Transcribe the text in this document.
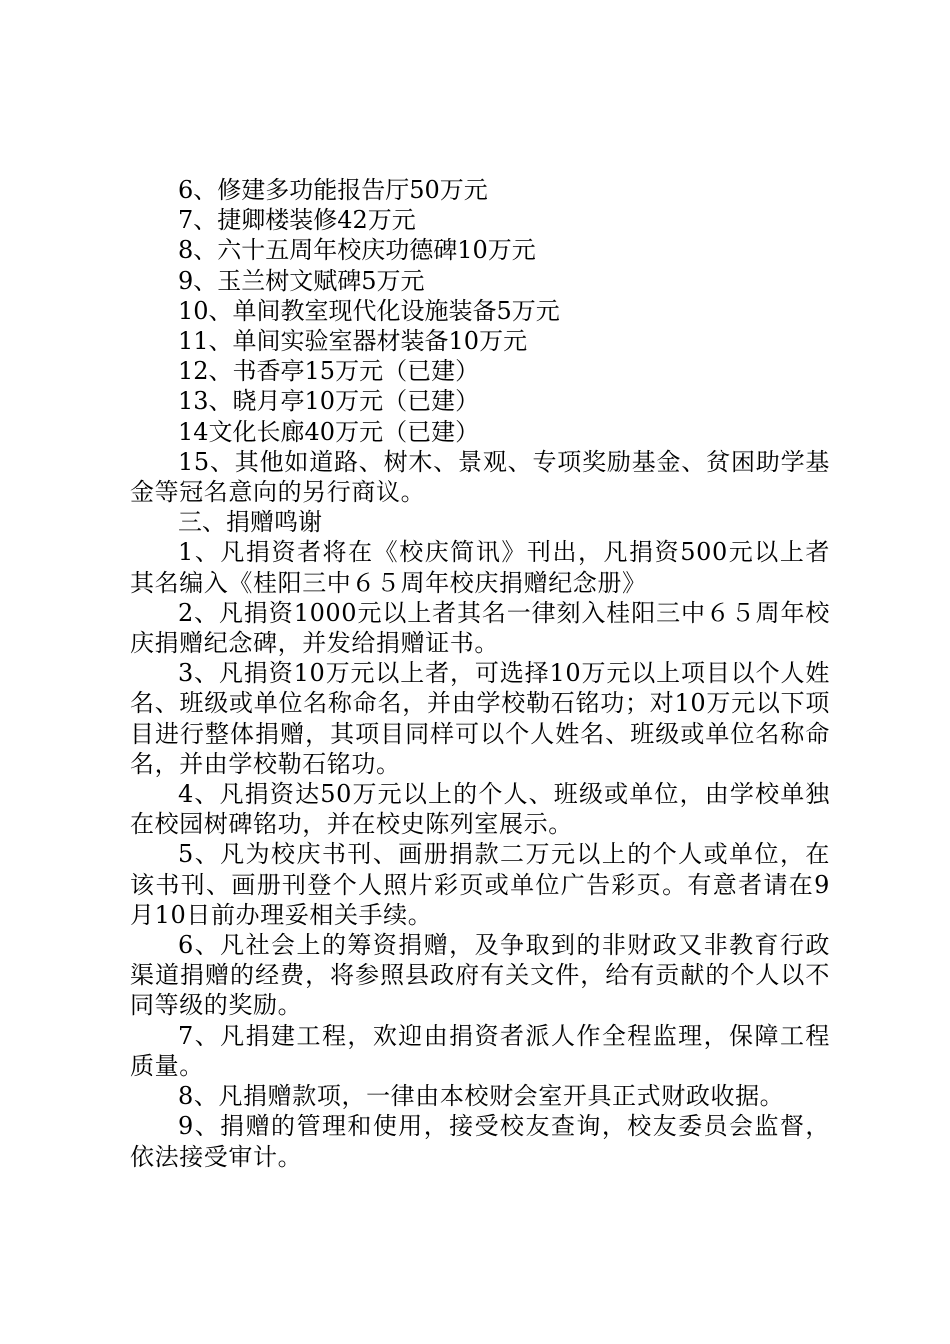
6、修建多功能报告厅50万元
7、捷卿楼装修42万元
8、六十五周年校庆功德碑10万元
9、玉兰树文赋碑5万元
10、单间教室现代化设施装备5万元
11、单间实验室器材装备10万元
12、书香亭15万元（已建）
13、晓月亭10万元（已建）
14文化长廊40万元（已建）
15、其他如道路、树木、景观、专项奖励基金、贫困助学基金等冠名意向的另行商议。
三、捐赠鸣谢
1、凡捐资者将在《校庆简讯》刊出，凡捐资500元以上者其名编入《桂阳三中６５周年校庆捐赠纪念册》
2、凡捐资1000元以上者其名一律刻入桂阳三中６５周年校庆捐赠纪念碑，并发给捐赠证书。
3、凡捐资10万元以上者，可选择10万元以上项目以个人姓名、班级或单位名称命名，并由学校勒石铭功；对10万元以下项目进行整体捐赠，其项目同样可以个人姓名、班级或单位名称命名，并由学校勒石铭功。
4、凡捐资达50万元以上的个人、班级或单位，由学校单独在校园树碑铭功，并在校史陈列室展示。
5、凡为校庆书刊、画册捐款二万元以上的个人或单位，在该书刊、画册刊登个人照片彩页或单位广告彩页。有意者请在9月10日前办理妥相关手续。
6、凡社会上的筹资捐赠，及争取到的非财政又非教育行政渠道捐赠的经费，将参照县政府有关文件，给有贡献的个人以不同等级的奖励。
7、凡捐建工程，欢迎由捐资者派人作全程监理，保障工程质量。
8、凡捐赠款项，一律由本校财会室开具正式财政收据。
9、捐赠的管理和使用，接受校友查询，校友委员会监督，依法接受审计。
